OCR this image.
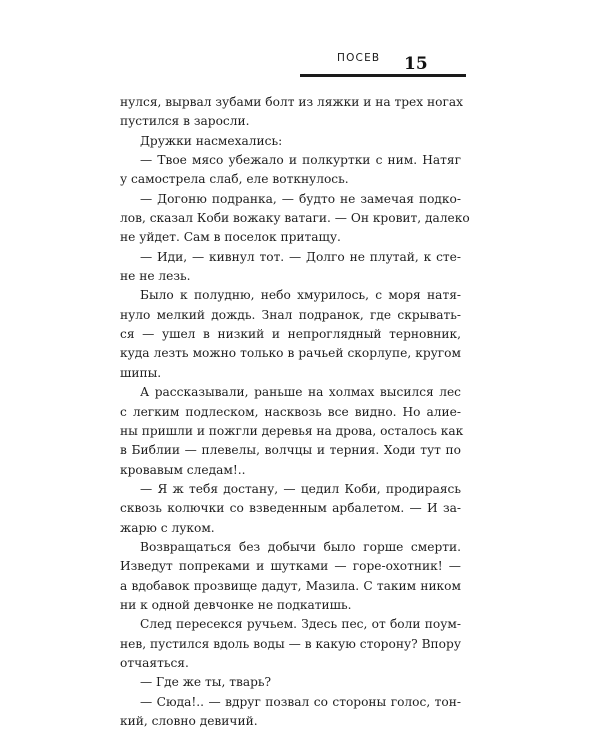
ПОСЕВ 15

нулся, вырвал зубами болт из ляжки и на трех ногах

пустился в заросли.

Дружки насмехались:

— Твое мясо убежало и полкуртки с ним. Натяг

у самострела слаб, еле воткнулось.

— Догоню подранка, — будто не замечая подко-

лов, сказал Коби вожаку ватаги. — Он кровит, далеко

не уйдет. Сам в поселок притащу.

— Иди, — кивнул тот. — Долго не плутай, к сте-

не не лезь.

Было к полудню, небо хмурилось, с моря натя-

нуло мелкий дождь. Знал подранок, где скрывать-

ся — ушел в низкий и непроглядный терновник,

куда лезть можно только в рачьей скорлупе, кругом

шипы.

А рассказывали, раньше на холмах высился лес

с легким подлеском, насквозь все видно. Но алие-

ны пришли и пожгли деревья на дрова, осталось как

в Библии — плевелы, волчцы и терния. Ходи тут по

кровавым следам!..

— Я ж тебя достану, — цедил Коби, продираясь

сквозь колючки со взведенным арбалетом. — И за-

жарю с луком.

Возвращаться без добычи было горше смерти.

Изведут попреками и шутками — горе-охотник! —

а вдобавок прозвище дадут, Мазила. С таким ником

ни к одной девчонке не подкатишь.

След пересекся ручьем. Здесь пес, от боли поум-

нев, пустился вдоль воды — в какую сторону? Впору

отчаяться.

— Где же ты, тварь?

— Сюда!.. — вдруг позвал со стороны голос, тон-

кий, словно девичий.
